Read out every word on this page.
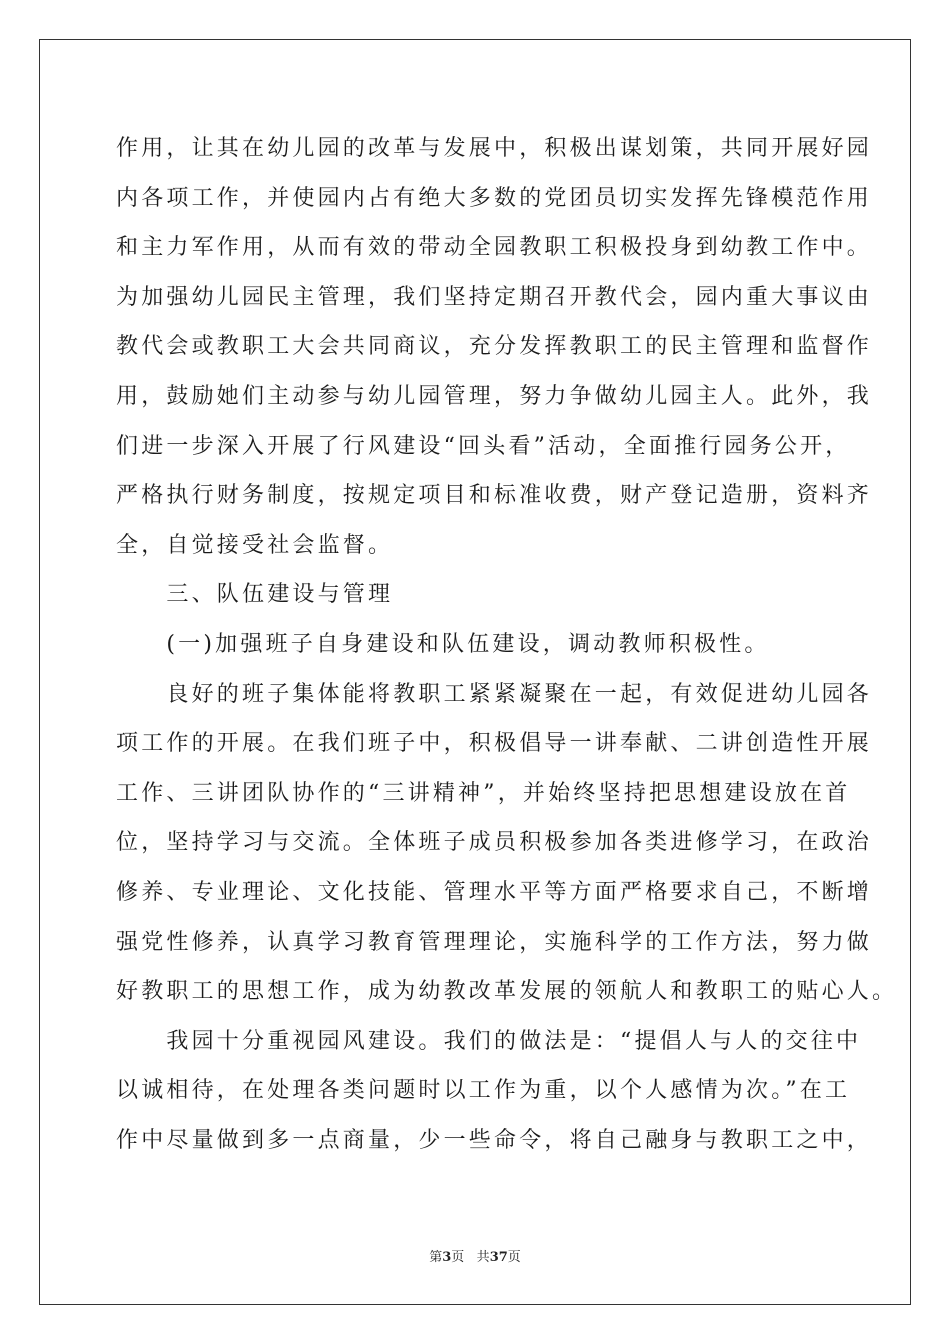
作用，让其在幼儿园的改革与发展中，积极出谋划策，共同开展好园
内各项工作，并使园内占有绝大多数的党团员切实发挥先锋模范作用
和主力军作用，从而有效的带动全园教职工积极投身到幼教工作中。
为加强幼儿园民主管理，我们坚持定期召开教代会，园内重大事议由
教代会或教职工大会共同商议，充分发挥教职工的民主管理和监督作
用，鼓励她们主动参与幼儿园管理，努力争做幼儿园主人。此外，我
们进一步深入开展了行风建设“回头看”活动，全面推行园务公开，
严格执行财务制度，按规定项目和标准收费，财产登记造册，资料齐
全，自觉接受社会监督。
　　三、队伍建设与管理
　　(一)加强班子自身建设和队伍建设，调动教师积极性。
　　良好的班子集体能将教职工紧紧凝聚在一起，有效促进幼儿园各
项工作的开展。在我们班子中，积极倡导一讲奉献、二讲创造性开展
工作、三讲团队协作的“三讲精神”，并始终坚持把思想建设放在首
位，坚持学习与交流。全体班子成员积极参加各类进修学习，在政治
修养、专业理论、文化技能、管理水平等方面严格要求自己，不断增
强党性修养，认真学习教育管理理论，实施科学的工作方法，努力做
好教职工的思想工作，成为幼教改革发展的领航人和教职工的贴心人。
　　我园十分重视园风建设。我们的做法是：“提倡人与人的交往中
以诚相待，在处理各类问题时以工作为重，以个人感情为次。”在工
作中尽量做到多一点商量，少一些命令，将自己融身与教职工之中，
第3页 共37页
